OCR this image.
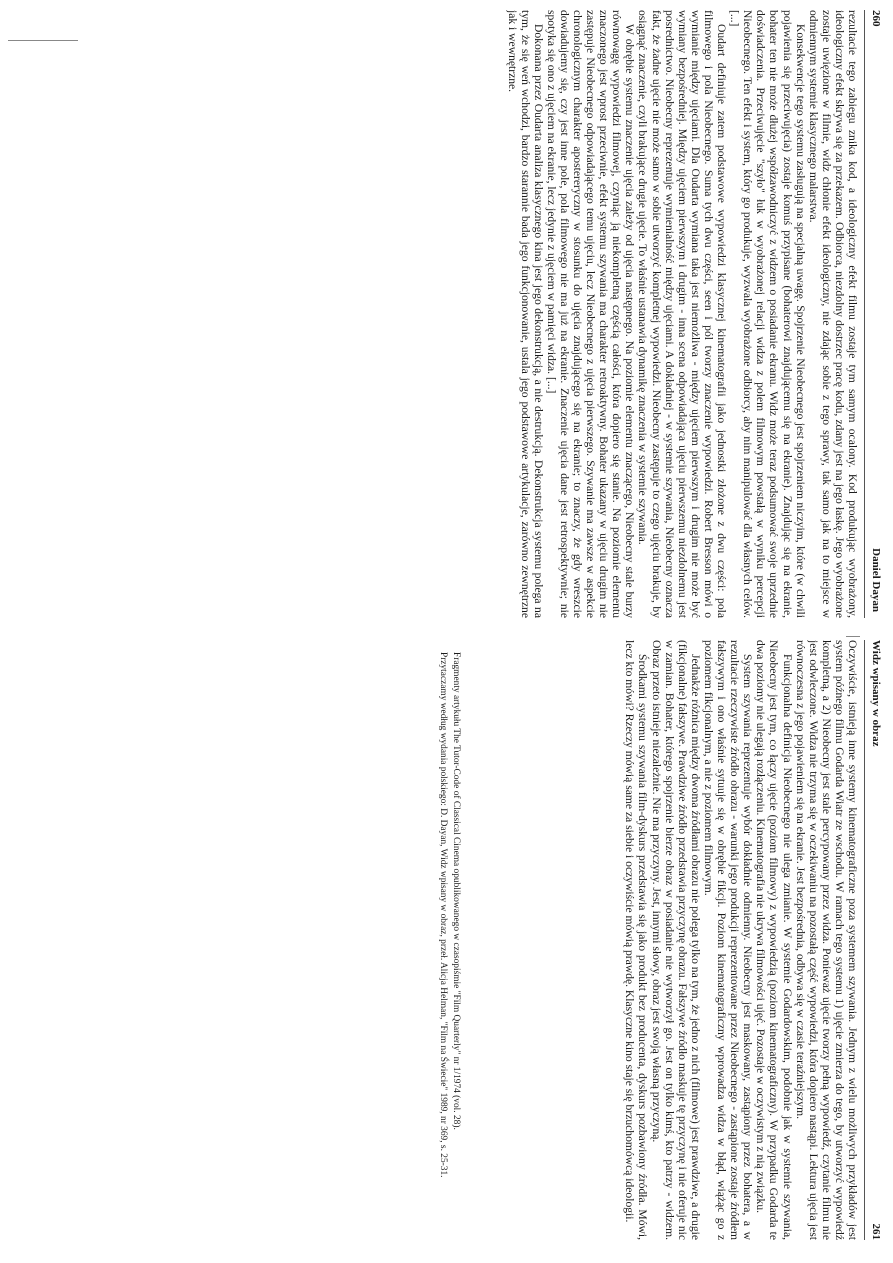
260
Daniel Dayan

rezultacie tego zabiegu znika kod, a ideologiczny efekt filmu zostaje tym samym ocalony. Kod produkując wyobrażony, ideologiczny efekt skrywa się za przekazem. Odbiorca, niezdolny dostrzec pracę kodu, zdany jest na jego łaskę. Jego wyobrażone zostaje uwięzione w filmie, widz chłonie efekt ideologiczny, nie zdając sobie z tego sprawy, tak samo jak na to miejsce w odmiennym systemie klasycznego malarstwa.

Konsekwencje tego systemu zasługują na specjalną uwagę. Spojrzenie Nieobecnego jest spojrzeniem niczyim, które (w chwili pojawienia się przeciwujęcia) zostaje komuś przypisane (bohaterowi znajdującemu się na ekranie). Znajdując się na ekranie, bohater ten nie może dłużej współzawodniczyć z widzem o posiadanie ekranu. Widz może teraz podsumować swoje uprzednie doświadczenia. Przeciwujęcie "szyło" łuk w wyobrażonej relacji widza z polem filmowym powstałą w wyniku percepcji Nieobecnego. Ten efekt i system, który go produkuje, wyzwala wyobrażone odbiorcy, aby nim manipulować dla własnych celów. [...]

Oudart definiuje zatem podstawowe wypowiedzi klasycznej kinematografii jako jednostki złożone z dwu części: pola filmowego i pola Nieobecnego. Suma tych dwu części, seen i pól tworzy znaczenie wypowiedzi. Robert Bresson mówi o wymianie między ujęciami. Dla Oudarta wymiana taka jest niemożliwa - między ujęciem pierwszym i drugim nie może być wymiany bezpośredniej. Między ujęciem pierwszym i drugim - inna scena odpowiadająca ujęciu pierwszemu niezdolnemu jest posrednictwo. Nieobecny reprezentuje wymienialność między ujęciami. A dokładniej - w systemie szywania, Nieobecny oznacza fakt, że żadne ujęcie nie może samo w sobie utworzyć kompletnej wypowiedzi. Nieobecny zastępuje to czego ujęciu brakuje, by osiągnąć znaczenie, czyli brakujące drugie ujęcie. To właśnie ustanawia dynamikę znaczenia w systemie szywania.

W obrębie systemu znaczenie ujęcia zależy od ujęcia następnego. Na poziomie elementu znaczącego, Nieobecny stale burzy równowagę wypowiedzi filmowej, czyniąc ją niekompletną częścią całości, która dopiero się stanie. Na poziomie elementu znaczonego jest wprost przeciwnie, efekt systemu szywania ma charakter retroaktywny. Bohater ukazany w ujęciu drugim nie zastępuje Nieobecnego odpowiadającego temu ujęciu, lecz Nieobecnego z ujęcia pierwszego. Szywanie ma zawsze w aspekcie chronologicznym charakter apostereryczny w stosunku do ujęcia znajdującego się na ekranie; to znaczy, że gdy wreszcie dowiadujemy się, czy jest inne pole, pola filmowego nie ma już na ekranie. Znaczenie ujęcia dane jest retrospektywnie; nie spotyka się ono z ujęciem na ekranie, lecz jedynie z ujęciem w pamięci widza. [...]

Dokonana przez Oudarta analiza klasycznego kina jest jego dekonstrukcją, a nie destrukcją. Dekonstrukcja systemu polega na tym, że się weń wchodzi, bardzo starannie bada jego funkcjonowanie, ustala jego podstawowe artykulacje, zarówno zewnętrzne jak i wewnętrzne.

Widz wpisany w obraz
261

Oczywiście, istnieją inne systemy kinematograficzne poza systemem szywania. Jednym z wielu możliwych przykładów jest system późnego filmu Godarda Wiatr ze wschodu. W ramach tego systemu 1) ujęcie zmierza do tego, by utworzyć wypowiedź kompletną, a 2) Nieobecny jest stale percypowany przez widza. Ponieważ ujęcie tworzy pełną wypowiedź, czytanie filmu nie jest odwleczone. Widza nie trzyma się w oczekiwaniu na pozostałą część wypowiedzi, która dopiero nastąpi. Lektura ujęcia jest równoczesna z jego pojawieniem się na ekranie. Jest bezpośrednia, odbywa się w czasie teraźniejszym.

Funkcjonalna definicja Nieobecnego nie ulega zmianie. W systemie Godardowskim, podobnie jak w systemie szywania, Nieobecny jest tym, co łączy ujęcie (poziom filmowy) z wypowiedzią (poziom kinematograficzny). W przypadku Godarda te dwa poziomy nie ulegają rozłączeniu. Kinematografia nie ukrywa filmowości ujęć. Pozostaje w oczywistym z nią związku.

System szywania reprezentuje wybór dokładnie odmienny. Nieobecny jest maskowany, zastąpiony przez bohatera, a w rezultacie rzeczywiste źródło obrazu - warunki jego produkcji reprezentowane przez Nieobecnego - zastąpione zostaje źródłem fałszywym i ono właśnie sytuuje się w obrębie fikcji. Poziom kinematograficzny wprowadza widza w błąd, wiążąc go z poziomem fikcjonalnym, a nie z poziomem filmowym.

Jednakże różnica między dwoma źródłami obrazu nie polega tylko na tym, że jedno z nich (filmowe) jest prawdziwe, a drugie (fikcjonalne) fałszywe. Prawdziwe źródło przedstawia przyczynę obrazu. Fałszywe źródło maskuje tę przyczynę i nie oferuje nic w zamian. Bohater, którego spojrzenie bierze obraz w posiadanie nie wytworzył go. Jest on tylko kimś, kto patrzy - widzem. Obraz przeto istnieje niezależnie. Nie ma przyczyny. Jest, innymi słowy, obraz jest swoją własną przyczyną.

Środkami systemu szywania film-dyskurs przedstawia się jako produkt bez producenta, dyskurs pozbawiony źródła. Mówi, lecz kto mówi? Rzeczy mówią same za siebie i oczywiście mówią prawdę. Klasyczne kino staje się brzuchomówcą ideologii.

Fragmenty artykułu The Tutor-Code of Classical Cinema opublikowanego w czasopiśmie "Film Quarterly" nr 1/1974 (vol. 28).

Przytaczamy według wydania polskiego: D. Dayan, Widz wpisany w obraz, przeł. Alicja Helman, "Film na Świecie" 1989, nr 369, s. 25-31.
